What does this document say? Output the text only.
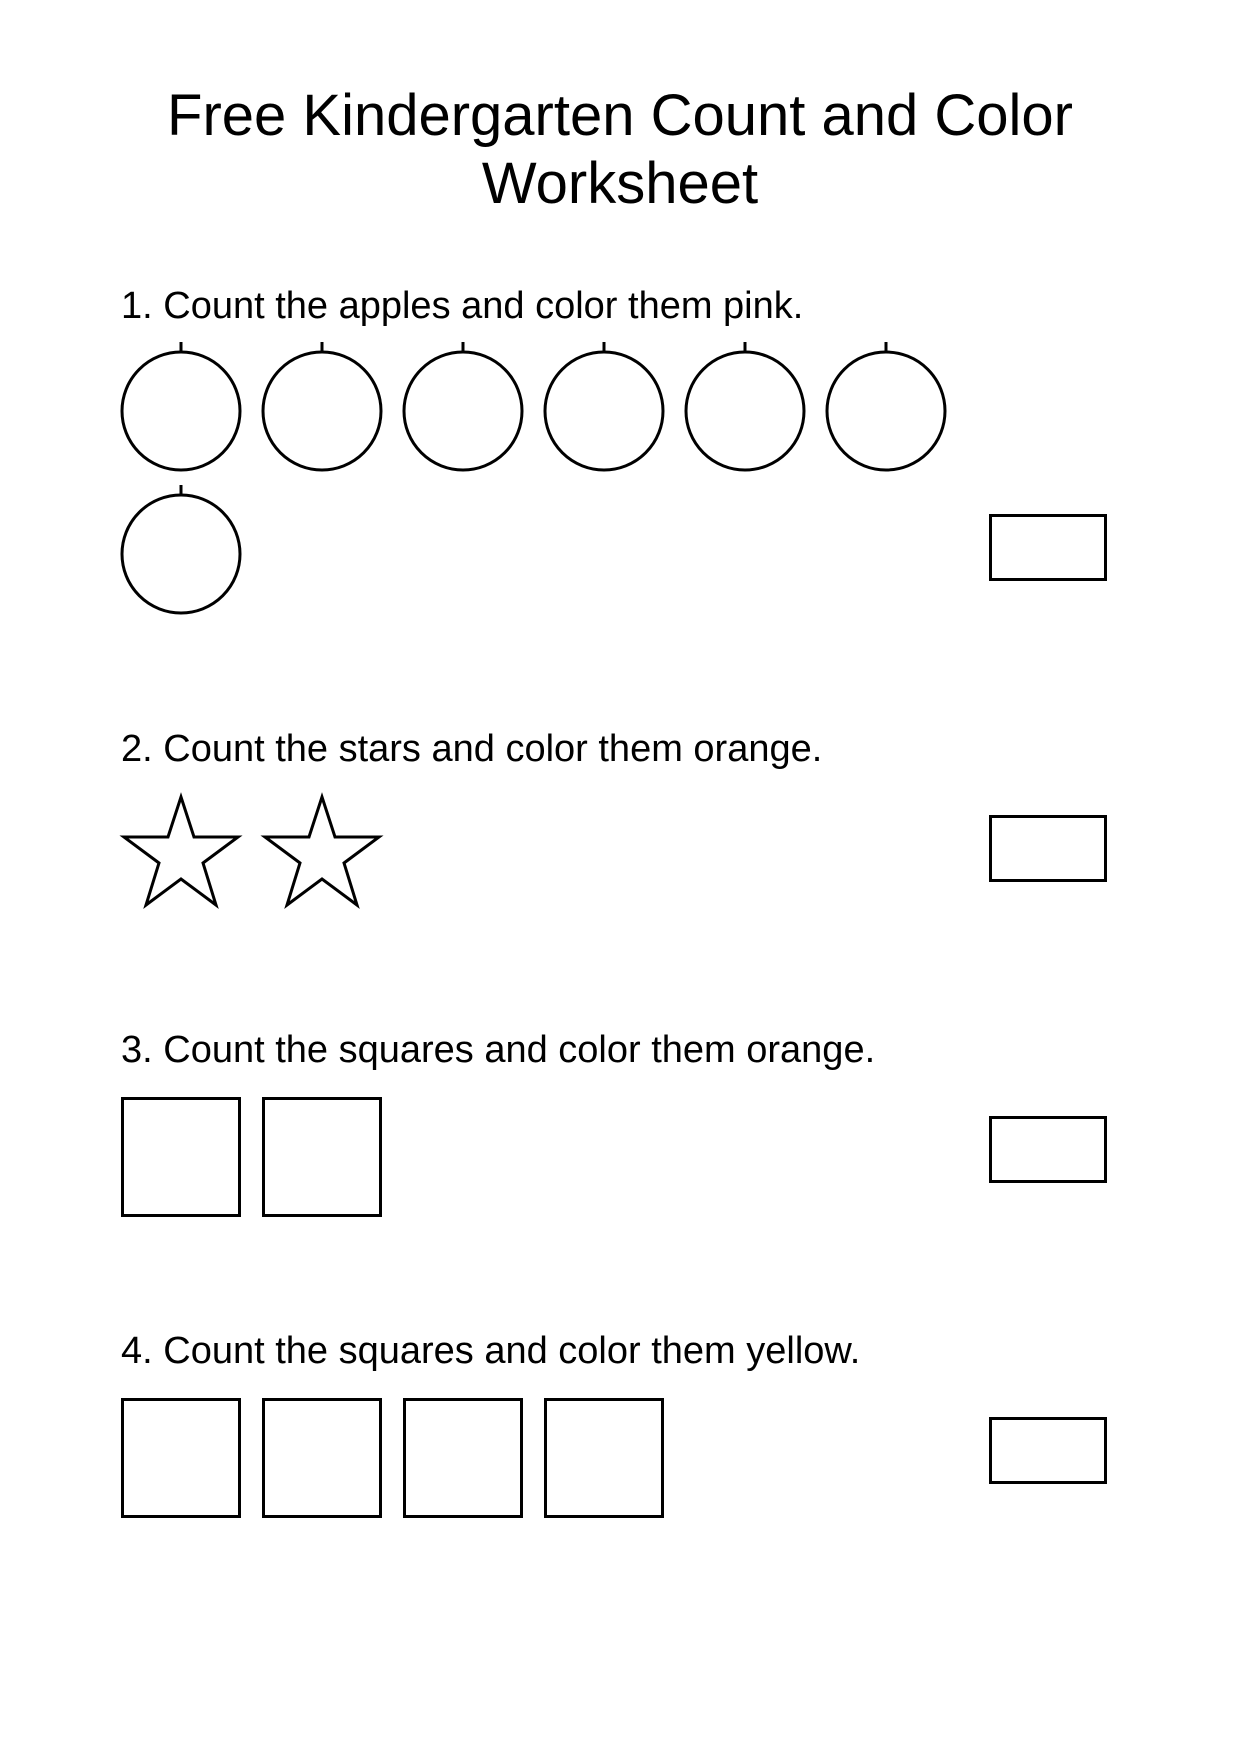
Free Kindergarten Count and Color
Worksheet

1. Count the apples and color them pink.

2. Count the stars and color them orange.

3. Count the squares and color them orange.

4. Count the squares and color them yellow.
